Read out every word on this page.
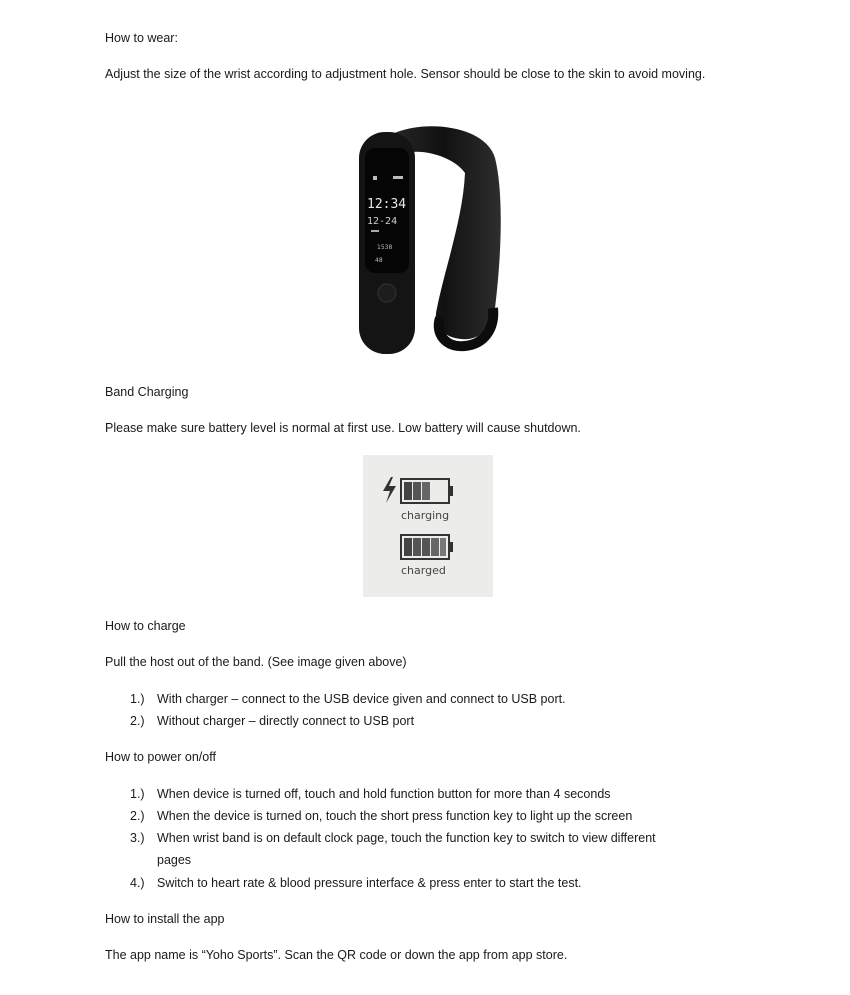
How to wear:
Adjust the size of the wrist according to adjustment hole. Sensor should be close to the skin to avoid moving.
12:34
12-24
1538
48
Band Charging
Please make sure battery level is normal at first use. Low battery will cause shutdown.
charging
charged
How to charge
Pull the host out of the band. (See image given above)
1.) With charger – connect to the USB device given and connect to USB port.
2.) Without charger – directly connect to USB port
How to power on/off
1.) When device is turned off, touch and hold function button for more than 4 seconds
2.) When the device is turned on, touch the short press function key to light up the screen
3.) When wrist band is on default clock page, touch the function key to switch to view different
pages
4.) Switch to heart rate & blood pressure interface & press enter to start the test.
How to install the app
The app name is “Yoho Sports”. Scan the QR code or down the app from app store.
